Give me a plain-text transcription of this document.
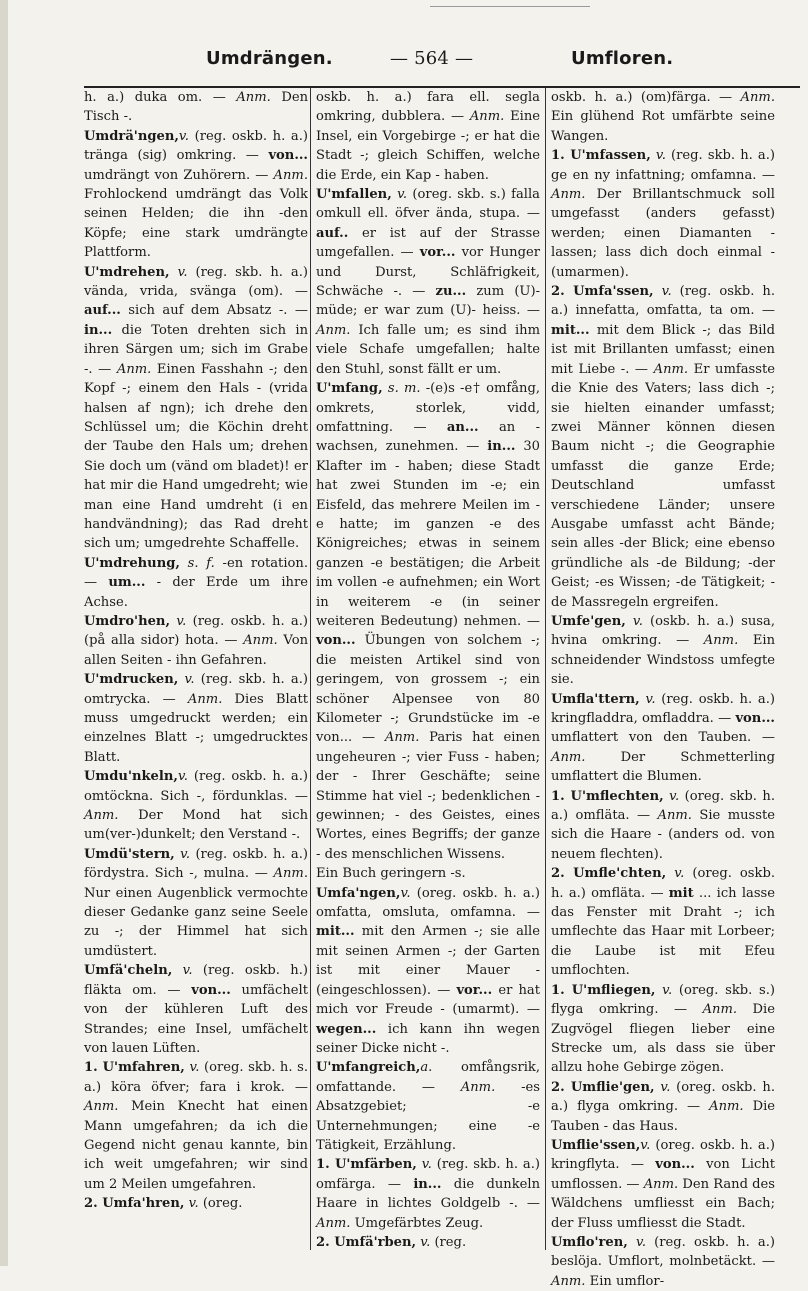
Umdrängen.	— 564 —	Umfloren.

h. a.) duka om. — Anm. Den Tisch -.

Umdrä'ngen,v. (reg. oskb. h. a.) tränga (sig) omkring. — von... umdrängt von Zuhörern. — Anm. Frohlockend umdrängt das Volk seinen Helden; die ihn -den Köpfe; eine stark umdrängte Plattform.

U'mdrehen, v. (reg. skb. h. a.) vända, vrida, svänga (om). — auf... sich auf dem Absatz -. — in... die Toten drehten sich in ihren Särgen um; sich im Grabe -. — Anm. Einen Fasshahn -; den Kopf -; einem den Hals - (vrida halsen af ngn); ich drehe den Schlüssel um; die Köchin dreht der Taube den Hals um; drehen Sie doch um (vänd om bladet)! er hat mir die Hand umgedreht; wie man eine Hand umdreht (i en handvändning); das Rad dreht sich um; umgedrehte Schaffelle.

U'mdrehung, s. f. -en rotation. — um... - der Erde um ihre Achse.

Umdro'hen, v. (reg. oskb. h. a.) (på alla sidor) hota. — Anm. Von allen Seiten - ihn Gefahren.

U'mdrucken, v. (reg. skb. h. a.) omtrycka. — Anm. Dies Blatt muss umgedruckt werden; ein einzelnes Blatt -; umgedrucktes Blatt.

Umdu'nkeln,v. (reg. oskb. h. a.) omtöckna. Sich -, fördunklas. — Anm. Der Mond hat sich um(ver-)dunkelt; den Verstand -.

Umdü'stern, v. (reg. oskb. h. a.) fördystra. Sich -, mulna. — Anm. Nur einen Augenblick vermochte dieser Gedanke ganz seine Seele zu -; der Himmel hat sich umdüstert.

Umfä'cheln, v. (reg. oskb. h.) fläkta om. — von... umfächelt von der kühleren Luft des Strandes; eine Insel, umfächelt von lauen Lüften.

1. U'mfahren, v. (oreg. skb. h. s. a.) köra öfver; fara i krok. — Anm. Mein Knecht hat einen Mann umgefahren; da ich die Gegend nicht genau kannte, bin ich weit umgefahren; wir sind um 2 Meilen umgefahren.

2. Umfa'hren, v. (oreg.

oskb. h. a.) fara ell. segla omkring, dubblera. — Anm. Eine Insel, ein Vorgebirge -; er hat die Stadt -; gleich Schiffen, welche die Erde, ein Kap - haben.

U'mfallen, v. (oreg. skb. s.) falla omkull ell. öfver ända, stupa. — auf.. er ist auf der Strasse umgefallen. — vor... vor Hunger und Durst, Schläfrigkeit, Schwäche -. — zu... zum (U)- müde; er war zum (U)- heiss. — Anm. Ich falle um; es sind ihm viele Schafe umgefallen; halte den Stuhl, sonst fällt er um.

U'mfang, s. m. -(e)s -e† omfång, omkrets, storlek, vidd, omfattning. — an... an - wachsen, zunehmen. — in... 30 Klafter im - haben; diese Stadt hat zwei Stunden im -e; ein Eisfeld, das mehrere Meilen im -e hatte; im ganzen -e des Königreiches; etwas in seinem ganzen -e bestätigen; die Arbeit im vollen -e aufnehmen; ein Wort in weiterem -e (in seiner weiteren Bedeutung) nehmen. — von... Übungen von solchem -; die meisten Artikel sind von geringem, von grossem -; ein schöner Alpensee von 80 Kilometer -; Grundstücke im -e von... — Anm. Paris hat einen ungeheuren -; vier Fuss - haben; der - Ihrer Geschäfte; seine Stimme hat viel -; bedenklichen - gewinnen; - des Geistes, eines Wortes, eines Begriffs; der ganze - des menschlichen Wissens.

Ein Buch geringern -s.

Umfa'ngen,v. (oreg. oskb. h. a.) omfatta, omsluta, omfamna. — mit... mit den Armen -; sie alle mit seinen Armen -; der Garten ist mit einer Mauer - (eingeschlossen). — vor... er hat mich vor Freude - (umarmt). — wegen... ich kann ihn wegen seiner Dicke nicht -.

U'mfangreich,a. omfångsrik, omfattande. — Anm. -es Absatzgebiet; -e Unternehmungen; eine -e Tätigkeit, Erzählung.

1. U'mfärben, v. (reg. skb. h. a.) omfärga. — in... die dunkeln Haare in lichtes Goldgelb -. — Anm. Umgefärbtes Zeug.

2. Umfä'rben, v. (reg.

oskb. h. a.) (om)färga. — Anm. Ein glühend Rot umfärbte seine Wangen.

1. U'mfassen, v. (reg. skb. h. a.) ge en ny infattning; omfamna. — Anm. Der Brillantschmuck soll umgefasst (anders gefasst) werden; einen Diamanten - lassen; lass dich doch einmal - (umarmen).

2. Umfa'ssen, v. (reg. oskb. h. a.) innefatta, omfatta, ta om. — mit... mit dem Blick -; das Bild ist mit Brillanten umfasst; einen mit Liebe -. — Anm. Er umfasste die Knie des Vaters; lass dich -; sie hielten einander umfasst; zwei Männer können diesen Baum nicht -; die Geographie umfasst die ganze Erde; Deutschland umfasst verschiedene Länder; unsere Ausgabe umfasst acht Bände; sein alles -der Blick; eine ebenso gründliche als -de Bildung; -der Geist; -es Wissen; -de Tätigkeit; -de Massregeln ergreifen.

Umfe'gen, v. (oskb. h. a.) susa, hvina omkring. — Anm. Ein schneidender Windstoss umfegte sie.

Umfla'ttern, v. (reg. oskb. h. a.) kringfladdra, omfladdra. — von... umflattert von den Tauben. — Anm. Der Schmetterling umflattert die Blumen.

1. U'mflechten, v. (oreg. skb. h. a.) omfläta. — Anm. Sie musste sich die Haare - (anders od. von neuem flechten).

2. Umfle'chten, v. (oreg. oskb. h. a.) omfläta. — mit ... ich lasse das Fenster mit Draht -; ich umflechte das Haar mit Lorbeer; die Laube ist mit Efeu umflochten.

1. U'mfliegen, v. (oreg. skb. s.) flyga omkring. — Anm. Die Zugvögel fliegen lieber eine Strecke um, als dass sie über allzu hohe Gebirge zögen.

2. Umflie'gen, v. (oreg. oskb. h. a.) flyga omkring. — Anm. Die Tauben - das Haus.

Umflie'ssen,v. (oreg. oskb. h. a.) kringflyta. — von... von Licht umflossen. — Anm. Den Rand des Wäldchens umfliesst ein Bach; der Fluss umfliesst die Stadt.

Umflo'ren, v. (reg. oskb. h. a.) beslöja. Umflort, molnbetäckt. — Anm. Ein umflor-
